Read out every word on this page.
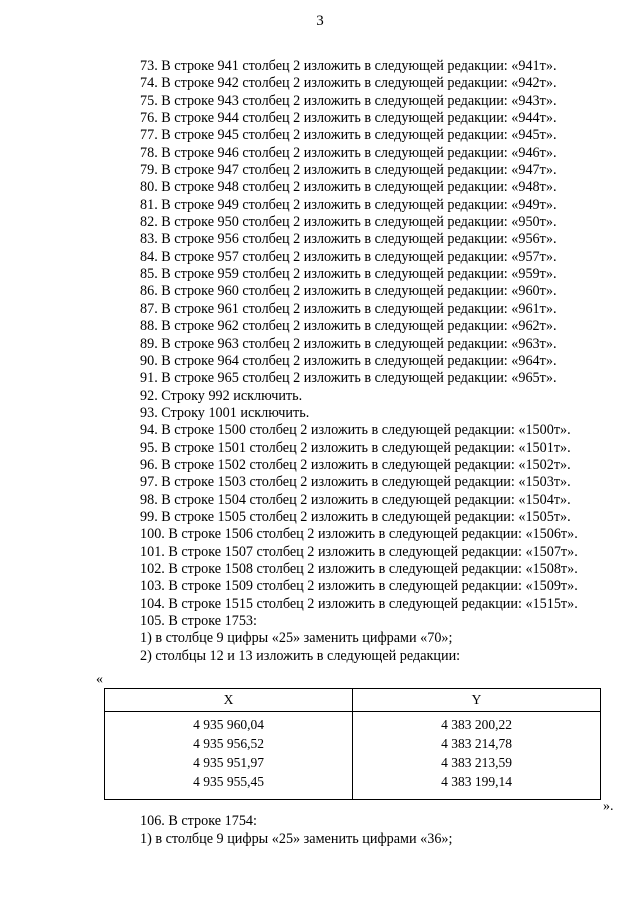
3
73. В строке 941 столбец 2 изложить в следующей редакции: «941т».
74. В строке 942 столбец 2 изложить в следующей редакции: «942т».
75. В строке 943 столбец 2 изложить в следующей редакции: «943т».
76. В строке 944 столбец 2 изложить в следующей редакции: «944т».
77. В строке 945 столбец 2 изложить в следующей редакции: «945т».
78. В строке 946 столбец 2 изложить в следующей редакции: «946т».
79. В строке 947 столбец 2 изложить в следующей редакции: «947т».
80. В строке 948 столбец 2 изложить в следующей редакции: «948т».
81. В строке 949 столбец 2 изложить в следующей редакции: «949т».
82. В строке 950 столбец 2 изложить в следующей редакции: «950т».
83. В строке 956 столбец 2 изложить в следующей редакции: «956т».
84. В строке 957 столбец 2 изложить в следующей редакции: «957т».
85. В строке 959 столбец 2 изложить в следующей редакции: «959т».
86. В строке 960 столбец 2 изложить в следующей редакции: «960т».
87. В строке 961 столбец 2 изложить в следующей редакции: «961т».
88. В строке 962 столбец 2 изложить в следующей редакции: «962т».
89. В строке 963 столбец 2 изложить в следующей редакции: «963т».
90. В строке 964 столбец 2 изложить в следующей редакции: «964т».
91. В строке 965 столбец 2 изложить в следующей редакции: «965т».
92. Строку 992 исключить.
93. Строку 1001 исключить.
94. В строке 1500 столбец 2 изложить в следующей редакции: «1500т».
95. В строке 1501 столбец 2 изложить в следующей редакции: «1501т».
96. В строке 1502 столбец 2 изложить в следующей редакции: «1502т».
97. В строке 1503 столбец 2 изложить в следующей редакции: «1503т».
98. В строке 1504 столбец 2 изложить в следующей редакции: «1504т».
99. В строке 1505 столбец 2 изложить в следующей редакции: «1505т».
100. В строке 1506 столбец 2 изложить в следующей редакции: «1506т».
101. В строке 1507 столбец 2 изложить в следующей редакции: «1507т».
102. В строке 1508 столбец 2 изложить в следующей редакции: «1508т».
103. В строке 1509 столбец 2 изложить в следующей редакции: «1509т».
104. В строке 1515 столбец 2 изложить в следующей редакции: «1515т».
105. В строке 1753:
1) в столбце 9 цифры «25» заменить цифрами «70»;
2) столбцы 12 и 13 изложить в следующей редакции:
«
X	Y
4 935 960,04	4 383 200,22
4 935 956,52	4 383 214,78
4 935 951,97	4 383 213,59
4 935 955,45	4 383 199,14
».
106. В строке 1754:
1) в столбце 9 цифры «25» заменить цифрами «36»;
